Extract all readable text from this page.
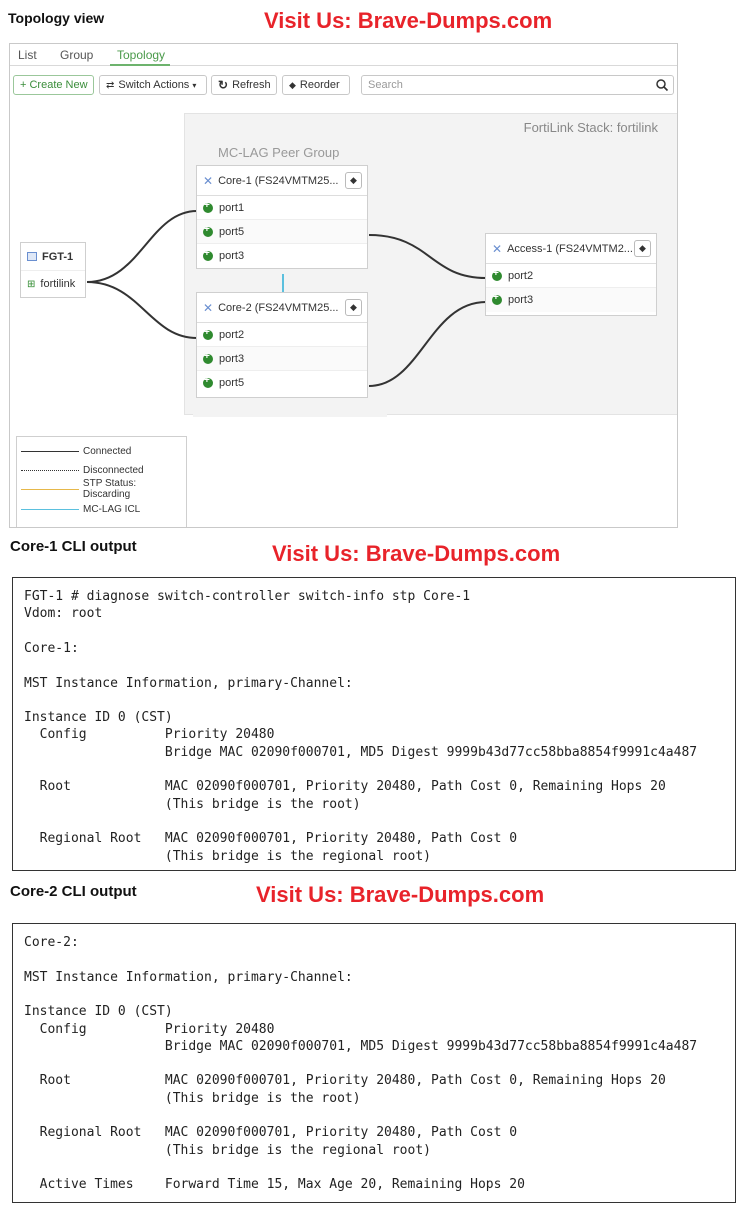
Topology view	Visit Us: Brave-Dumps.com
List Group Topology
+ Create New	⇄ Switch Actions ▾ ↻ Refresh ◆ Reorder
Search
FortiLink Stack: fortilink
MC-LAG Peer Group
FGT-1
⊞ fortilink
✕ Core-1 (FS24VMTM25...	◆
+
port1
+
port5
+
port3
✕ Core-2 (FS24VMTM25...	◆
+
port2
+
port3
+
port5
✕ Access-1 (FS24VMTM2... ◆
+
port2
+
port3
Connected
Disconnected
STP Status: Discarding
MC-LAG ICL
Core-1 CLI output	Visit Us: Brave-Dumps.com
FGT-1 # diagnose switch-controller switch-info stp Core-1
Vdom: root
Core-1:
MST Instance Information, primary-Channel:
Instance ID 0 (CST)
Config          Priority 20480
Bridge MAC 02090f000701, MD5 Digest 9999b43d77cc58bba8854f9991c4a487
Root            MAC 02090f000701, Priority 20480, Path Cost 0, Remaining Hops 20
(This bridge is the root)
Regional Root   MAC 02090f000701, Priority 20480, Path Cost 0
(This bridge is the regional root)
Core-2 CLI output	Visit Us: Brave-Dumps.com
Core-2:
MST Instance Information, primary-Channel:
Instance ID 0 (CST)
Config          Priority 20480
Bridge MAC 02090f000701, MD5 Digest 9999b43d77cc58bba8854f9991c4a487
Root            MAC 02090f000701, Priority 20480, Path Cost 0, Remaining Hops 20
(This bridge is the root)
Regional Root   MAC 02090f000701, Priority 20480, Path Cost 0
(This bridge is the regional root)
Active Times    Forward Time 15, Max Age 20, Remaining Hops 20
